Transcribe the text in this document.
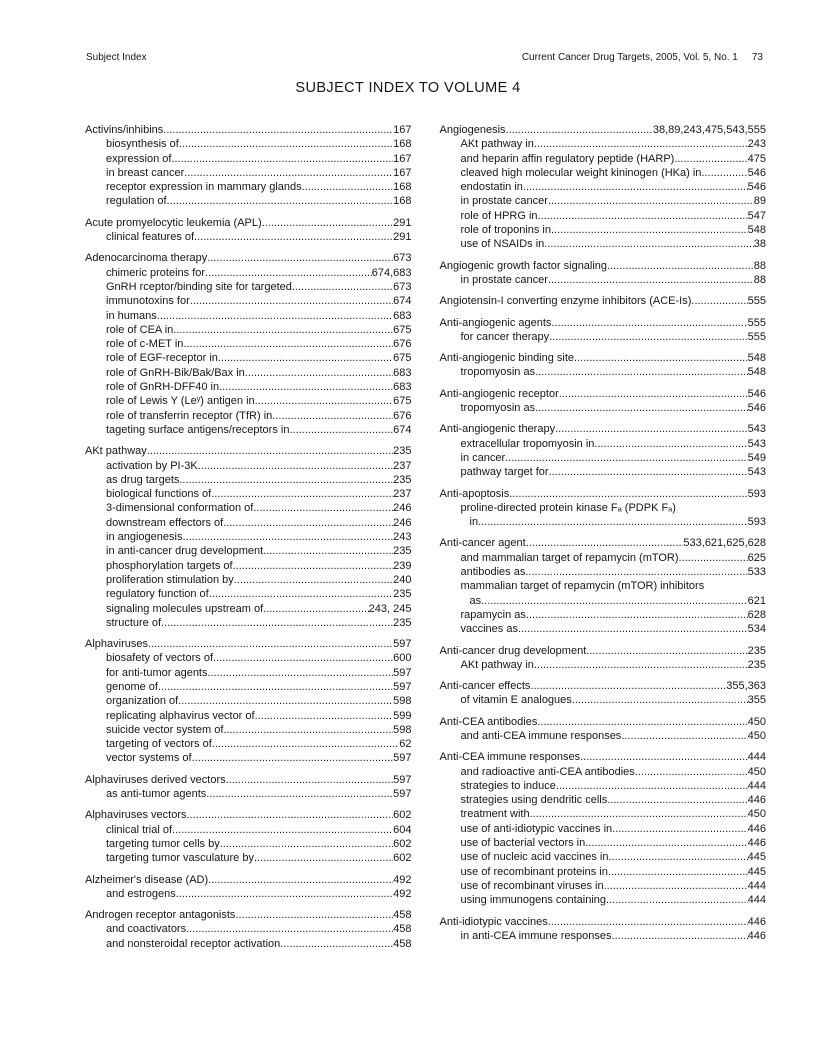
Subject Index	Current Cancer Drug Targets, 2005, Vol. 5, No. 1 73
SUBJECT INDEX TO VOLUME 4
Activins/inhibins .....	167
biosynthesis of .....	168
expression of .....	167
in breast cancer .....	167
receptor expression in mammary glands .....	168
regulation of .....	168
Acute promyelocytic leukemia (APL) .....	291
clinical features of .....	291
Adenocarcinoma therapy .....	673
chimeric proteins for .....	674,683
GnRH rceptor/binding site for targeted .....	673
immunotoxins for .....	674
in humans .....	683
role of CEA in .....	675
role of c-MET in .....	676
role of EGF-receptor in .....	675
role of GnRH-Bik/Bak/Bax in .....	683
role of GnRH-DFF40 in .....	683
role of Lewis Y (Leʸ) antigen in .....	675
role of transferrin receptor (TfR) in .....	676
tageting surface antigens/receptors in .....	674
AKt pathway .....	235
activation by PI-3K .....	237
as drug targets .....	235
biological functions of .....	237
3-dimensional conformation of .....	246
downstream effectors of .....	246
in angiogenesis .....	243
in anti-cancer drug development .....	235
phosphorylation targets of .....	239
proliferation stimulation by .....	240
regulatory function of .....	235
signaling molecules upstream of .....	243, 245
structure of .....	235
Alphaviruses .....	597
biosafety of vectors of .....	600
for anti-tumor agents .....	597
genome of .....	597
organization of .....	598
replicating alphavirus vector of .....	599
suicide vector system of .....	598
targeting of vectors of .....	62
vector systems of .....	597
Alphaviruses derived vectors .....	597
as anti-tumor agents .....	597
Alphaviruses vectors .....	602
clinical trial of .....	604
targeting tumor cells by .....	602
targeting tumor vasculature by .....	602
Alzheimer's disease (AD) .....	492
and estrogens .....	492
Androgen receptor antagonists .....	458
and coactivators .....	458
and nonsteroidal receptor activation .....	458
Angiogenesis .....	38,89,243,475,543,555
AKt pathway in .....	243
and heparin affin regulatory peptide (HARP) .....	475
cleaved high molecular weight kininogen (HKa) in .....	546
endostatin in .....	546
in prostate cancer .....	89
role of HPRG in .....	547
role of troponins in .....	548
use of NSAIDs in .....	38
Angiogenic growth factor signaling .....	88
in prostate cancer .....	88
Angiotensin-I converting enzyme inhibitors (ACE-Is) .....	555
Anti-angiogenic agents .....	555
for cancer therapy .....	555
Anti-angiogenic binding site .....	548
tropomyosin as .....	548
Anti-angiogenic receptor .....	546
tropomyosin as .....	546
Anti-angiogenic therapy .....	543
extracellular tropomyosin in .....	543
in cancer .....	549
pathway target for .....	543
Anti-apoptosis .....	593
proline-directed protein kinase Fₐ (PDPK Fₐ)
in .....	593
Anti-cancer agent .....	533,621,625,628
and mammalian target of repamycin (mTOR) .....	625
antibodies as .....	533
mammalian target of repamycin (mTOR) inhibitors
as .....	621
rapamycin as .....	628
vaccines as .....	534
Anti-cancer drug development .....	235
AKt pathway in .....	235
Anti-cancer effects .....	355,363
of vitamin E analogues .....	355
Anti-CEA antibodies .....	450
and anti-CEA immune responses .....	450
Anti-CEA immune responses .....	444
and radioactive anti-CEA antibodies .....	450
strategies to induce .....	444
strategies using dendritic cells .....	446
treatment with .....	450
use of anti-idiotypic vaccines in .....	446
use of bacterial vectors in .....	446
use of nucleic acid vaccines in .....	445
use of recombinant proteins in .....	445
use of recombinant viruses in .....	444
using immunogens containing .....	444
Anti-idiotypic vaccines .....	446
in anti-CEA immune responses .....	446
